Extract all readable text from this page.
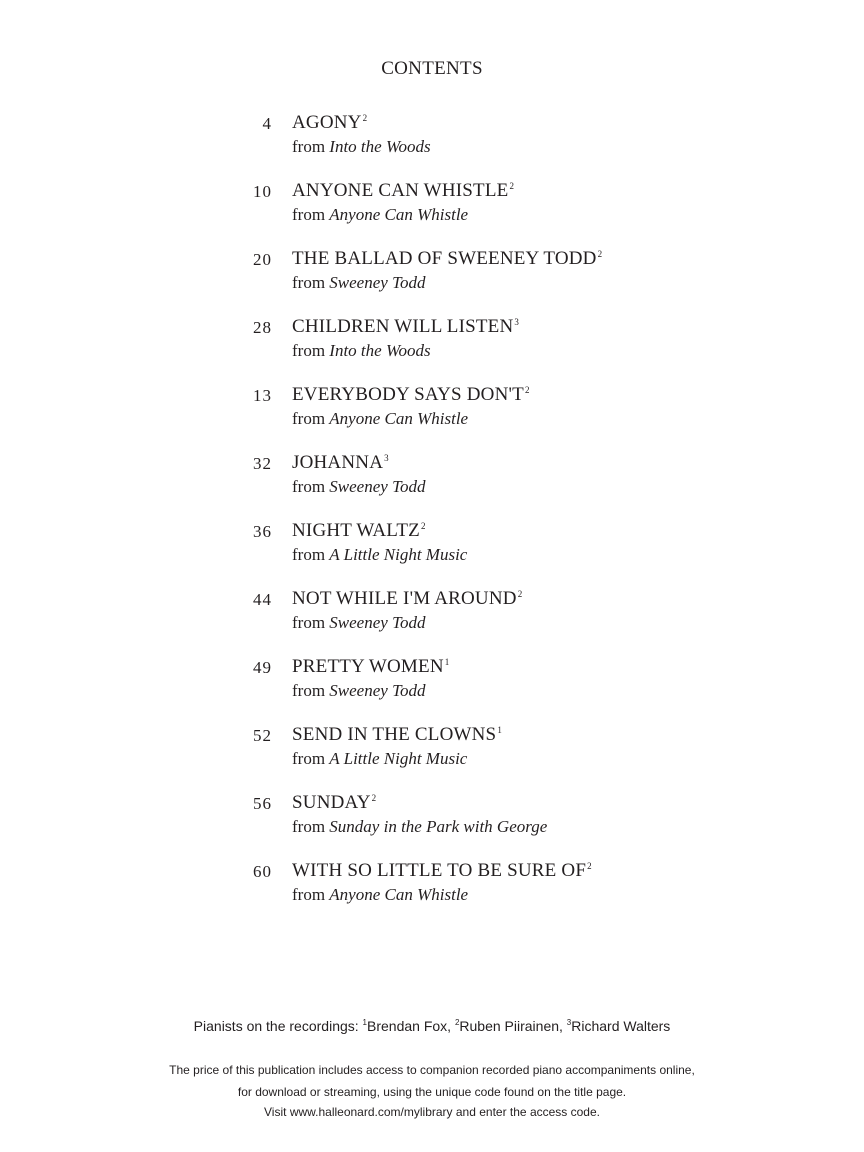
CONTENTS
4 AGONY$^2$
from Into the Woods
10 ANYONE CAN WHISTLE$^2$
from Anyone Can Whistle
20 THE BALLAD OF SWEENEY TODD$^2$
from Sweeney Todd
28 CHILDREN WILL LISTEN$^3$
from Into the Woods
13 EVERYBODY SAYS $DON'T^2$
from Anyone Can Whistle
32 JOHANNA$^3$
from Sweeney Todd
36 NIGHT WALTZ$^2$
from A Little Night Music
44 NOT WHILE I'M AROUND$^2$
from Sweeney Todd
49 PRETTY WOMEN$^1$
from Sweeney Todd
52 SEND IN THE CLOWNS$^1$
from A Little Night Music
56 SUNDAY$^2$
from Sunday in the Park with George
60 WITH SO LITTLE TO BE SURE $OF^2$
from Anyone Can Whistle
Pianists on the recordings: $^1$Brendan Fox, $^2$Ruben Piirainen, $^3$Richard Walters
The price of this publication includes access to companion recorded piano accompaniments online,
for download or streaming, using the unique code found on the title page.
Visit www.halleonard.com/mylibrary and enter the access code.
